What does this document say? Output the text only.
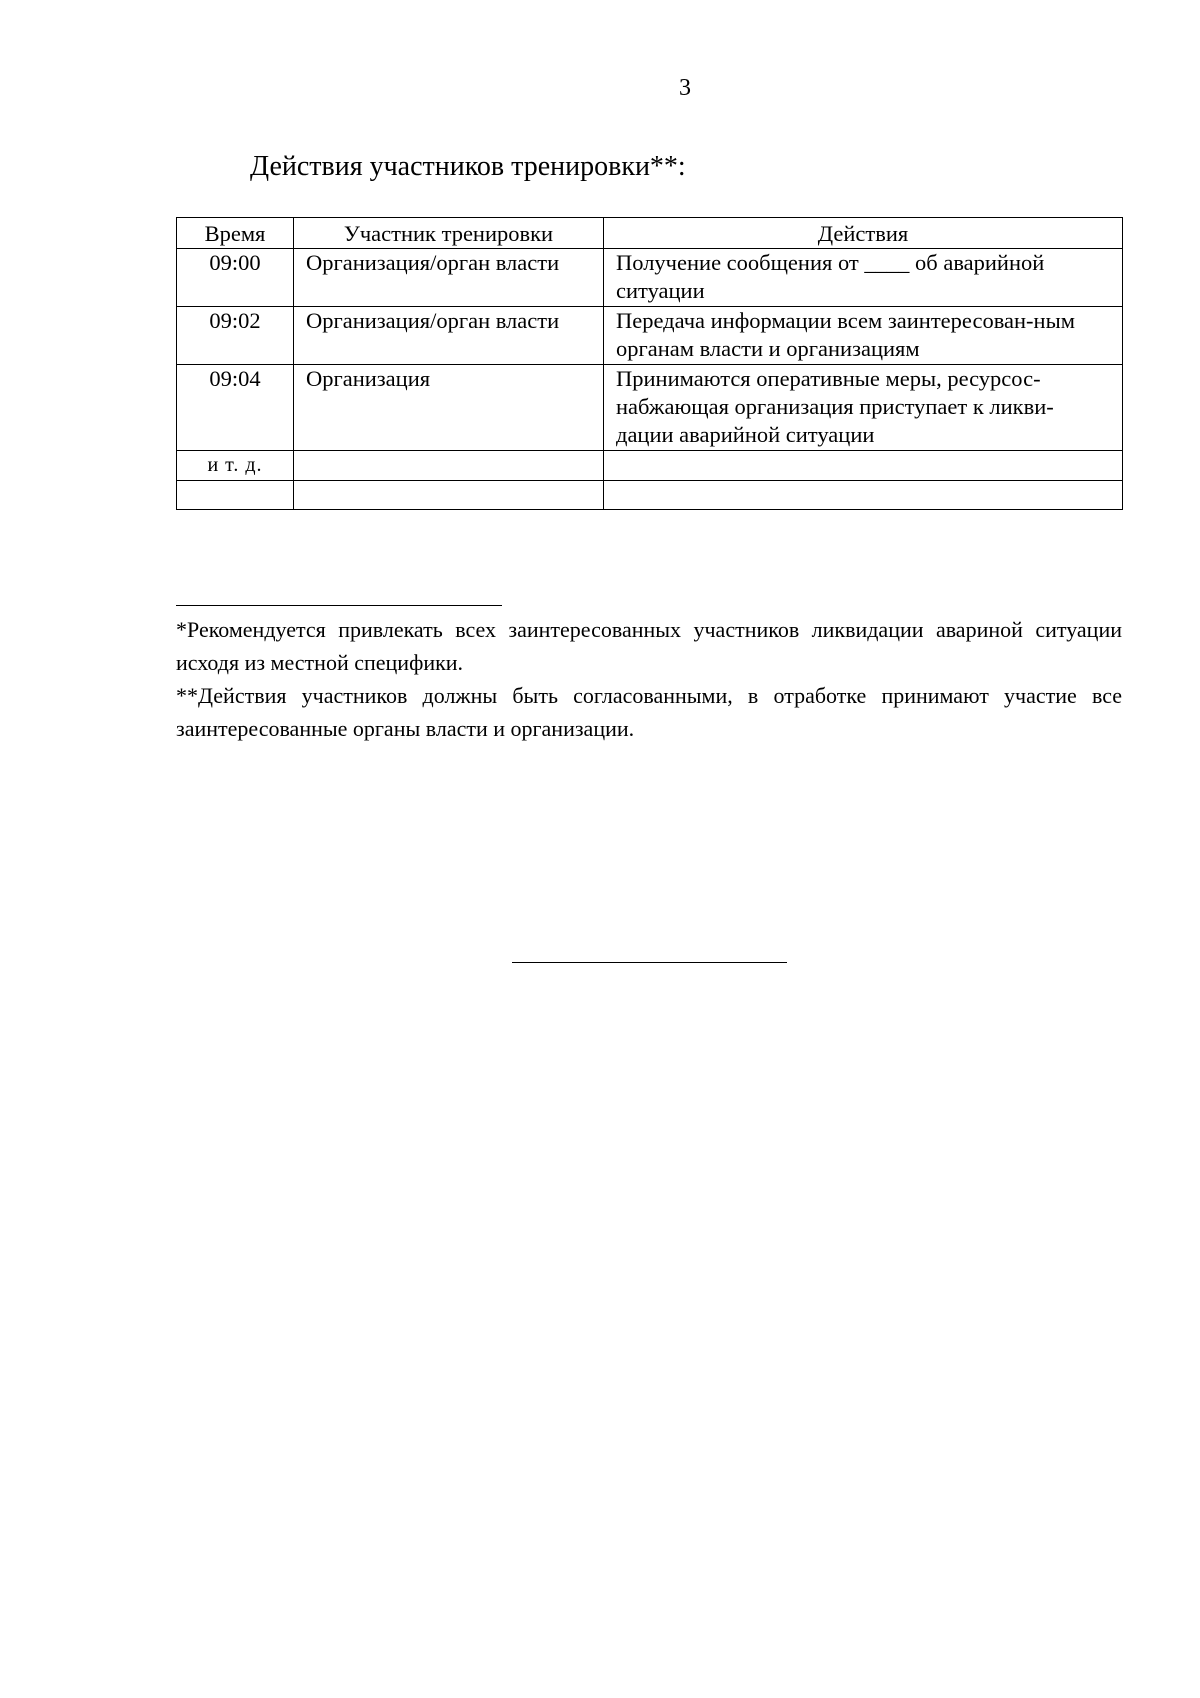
3
Действия участников тренировки**:
Время	Участник тренировки	Действия
09:00	Организация/орган власти	Получение сообщения от ____ об аварийной ситуации
09:02	Организация/орган власти	Передача информации всем заинтересован-ным органам власти и организациям
09:04	Организация	Принимаются оперативные меры, ресурсос-набжающая организация приступает к ликви-дации аварийной ситуации
и т. д.		

*Рекомендуется привлекать всех заинтересованных участников ликвидации авариной ситуации исходя из местной специфики.

**Действия участников должны быть согласованными, в отработке принимают участие все заинтересованные органы власти и организации.
